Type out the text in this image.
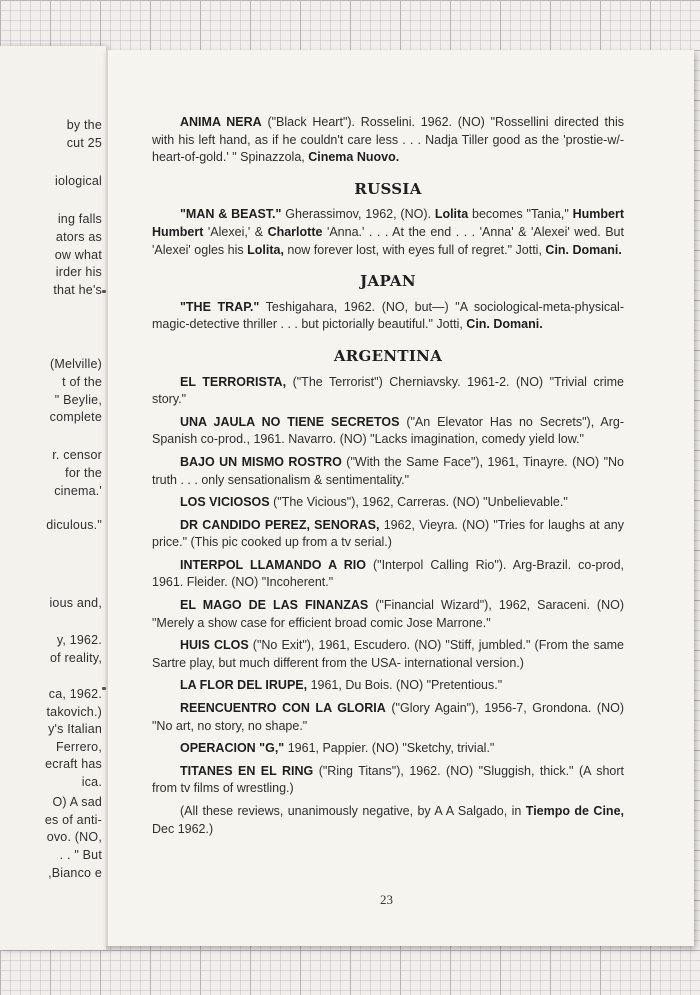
by the
cut 25
iological
ing falls
ators as
ow what
irder his
that he's
(Melville)
t of the
" Beylie,
complete
r. censor
for the
cinema.'
diculous."
ious and,
y, 1962.
of reality,
ca, 1962.
takovich.)
y's Italian
Ferrero,
ecraft has
ica.
O) A sad
es of anti-
ovo. (NO,
. . " But
,Bianco e

ANIMA NERA ("Black Heart"). Rosselini. 1962. (NO) "Rossellini directed this with his left hand, as if he couldn't care less . . . Nadja Tiller good as the 'prostie-w/-heart-of-gold.' " Spinazzola, Cinema Nuovo.

RUSSIA

"MAN & BEAST." Gherassimov, 1962, (NO). Lolita becomes "Tania," Humbert Humbert 'Alexei,' & Charlotte 'Anna.' . . . At the end . . . 'Anna' & 'Alexei' wed. But 'Alexei' ogles his Lolita, now forever lost, with eyes full of regret." Jotti, Cin. Domani.

JAPAN

"THE TRAP." Teshigahara, 1962. (NO, but—) "A sociological-meta-physical-magic-detective thriller . . . but pictorially beautiful." Jotti, Cin. Domani.

ARGENTINA

EL TERRORISTA, ("The Terrorist") Cherniavsky. 1961-2. (NO) "Trivial crime story."

UNA JAULA NO TIENE SECRETOS ("An Elevator Has no Secrets"), Arg-Spanish co-prod., 1961. Navarro. (NO) "Lacks imagination, comedy yield low."

BAJO UN MISMO ROSTRO ("With the Same Face"), 1961, Tinayre. (NO) "No truth . . . only sensationalism & sentimentality."

LOS VICIOSOS ("The Vicious"), 1962, Carreras. (NO) "Unbelievable."

DR CANDIDO PEREZ, SENORAS, 1962, Vieyra. (NO) "Tries for laughs at any price." (This pic cooked up from a tv serial.)

INTERPOL LLAMANDO A RIO ("Interpol Calling Rio"). Arg-Brazil. co-prod, 1961. Fleider. (NO) "Incoherent."

EL MAGO DE LAS FINANZAS ("Financial Wizard"), 1962, Saraceni. (NO) "Merely a show case for efficient broad comic Jose Marrone."

HUIS CLOS ("No Exit"), 1961, Escudero. (NO) "Stiff, jumbled." (From the same Sartre play, but much different from the USA- international version.)

LA FLOR DEL IRUPE, 1961, Du Bois. (NO) "Pretentious."

REENCUENTRO CON LA GLORIA ("Glory Again"), 1956-7, Grondona. (NO) "No art, no story, no shape."

OPERACION "G," 1961, Pappier. (NO) "Sketchy, trivial."

TITANES EN EL RING ("Ring Titans"), 1962. (NO) "Sluggish, thick." (A short from tv films of wrestling.)

(All these reviews, unanimously negative, by A A Salgado, in Tiempo de Cine, Dec 1962.)

23
